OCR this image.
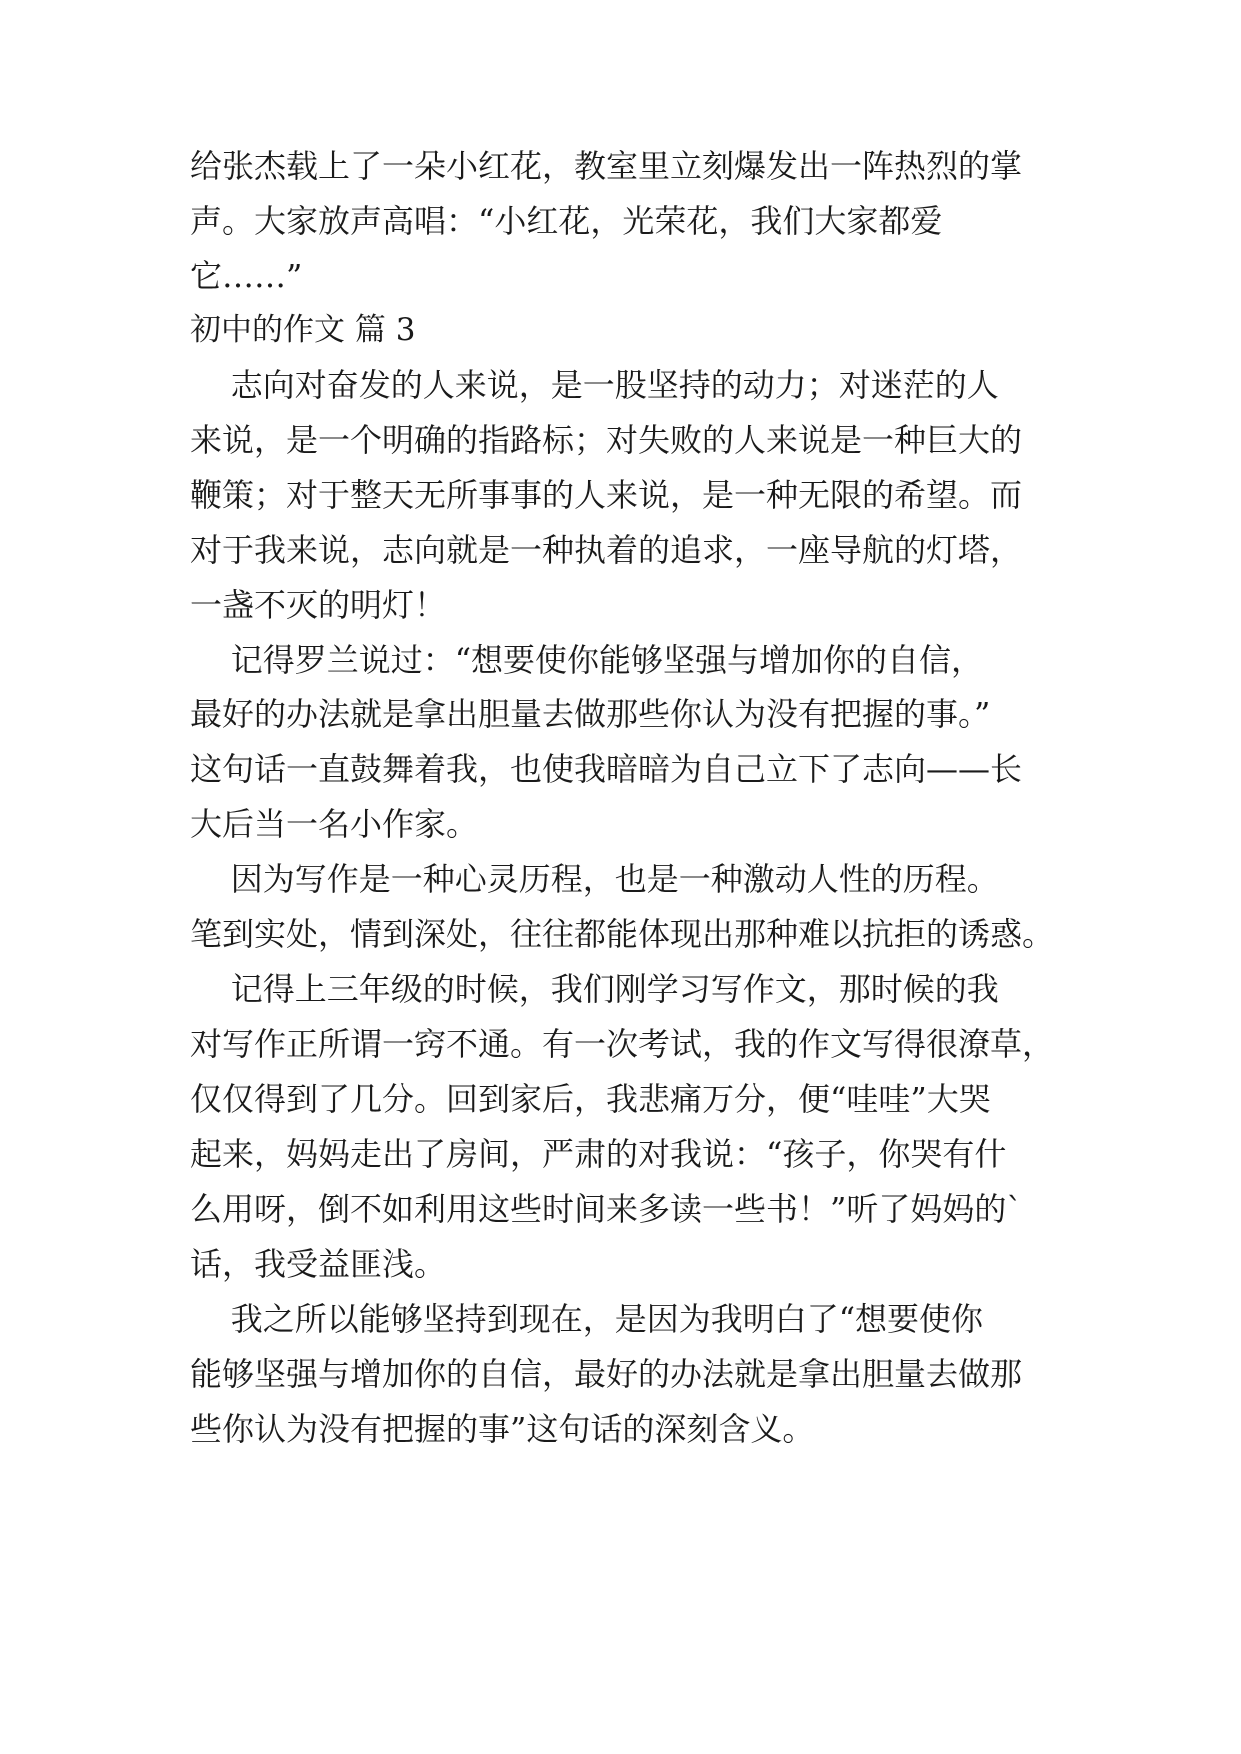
给张杰载上了一朵小红花，教室里立刻爆发出一阵热烈的掌
声。大家放声高唱：“小红花，光荣花，我们大家都爱
它……”
初中的作文 篇 3
志向对奋发的人来说，是一股坚持的动力；对迷茫的人
来说，是一个明确的指路标；对失败的人来说是一种巨大的
鞭策；对于整天无所事事的人来说，是一种无限的希望。而
对于我来说，志向就是一种执着的追求，一座导航的灯塔，
一盏不灭的明灯！
记得罗兰说过：“想要使你能够坚强与增加你的自信，
最好的办法就是拿出胆量去做那些你认为没有把握的事。”
这句话一直鼓舞着我，也使我暗暗为自己立下了志向——长
大后当一名小作家。
因为写作是一种心灵历程，也是一种激动人性的历程。
笔到实处，情到深处，往往都能体现出那种难以抗拒的诱惑。
记得上三年级的时候，我们刚学习写作文，那时候的我
对写作正所谓一窍不通。有一次考试，我的作文写得很潦草，
仅仅得到了几分。回到家后，我悲痛万分，便“哇哇”大哭
起来，妈妈走出了房间，严肃的对我说：“孩子，你哭有什
么用呀，倒不如利用这些时间来多读一些书！”听了妈妈的`
话，我受益匪浅。
我之所以能够坚持到现在，是因为我明白了“想要使你
能够坚强与增加你的自信，最好的办法就是拿出胆量去做那
些你认为没有把握的事”这句话的深刻含义。
